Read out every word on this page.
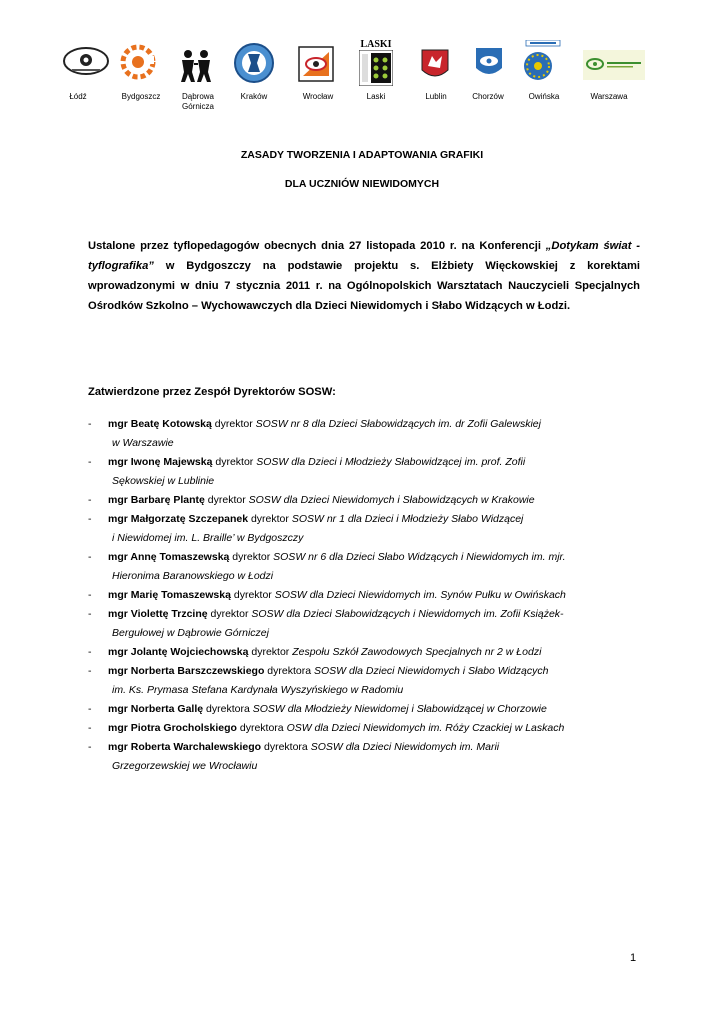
LASKI
Łódź	Bydgoszcz	Dąbrowa
Górnicza
Kraków	Wrocław	Laski	Lublin	Chorzów	Owińska	Warszawa
ZASADY TWORZENIA I ADAPTOWANIA GRAFIKI
DLA UCZNIÓW NIEWIDOMYCH
Ustalone przez tyflopedagogów obecnych dnia 27 listopada 2010 r. na Konferencji „Dotykam świat - tyflografika” w Bydgoszczy na podstawie projektu s. Elżbiety Więckowskiej z korektami wprowadzonymi w dniu 7 stycznia 2011 r. na Ogólnopolskich Warsztatach Nauczycieli Specjalnych Ośrodków Szkolno – Wychowawczych dla Dzieci Niewidomych i Słabo Widzących w Łodzi.
Zatwierdzone przez Zespół Dyrektorów SOSW:
- mgr Beatę Kotowską dyrektor SOSW nr 8 dla Dzieci Słabowidzących im. dr Zofii Galewskiej
w Warszawie
- mgr Iwonę Majewską dyrektor SOSW dla Dzieci i Młodzieży Słabowidzącej im. prof. Zofii
Sękowskiej w Lublinie
- mgr Barbarę Plantę dyrektor SOSW dla Dzieci Niewidomych i Słabowidzących w Krakowie
- mgr Małgorzatę Szczepanek dyrektor SOSW nr 1 dla Dzieci i Młodzieży Słabo Widzącej
i Niewidomej im. L. Braille’ w Bydgoszczy
- mgr Annę Tomaszewską dyrektor SOSW nr 6 dla Dzieci Słabo Widzących i Niewidomych im. mjr.
Hieronima Baranowskiego w Łodzi
- mgr Marię Tomaszewską dyrektor SOSW dla Dzieci Niewidomych im. Synów Pułku w Owińskach
- mgr Violettę Trzcinę dyrektor SOSW dla Dzieci Słabowidzących i Niewidomych im. Zofii Książek-
Bergułowej w Dąbrowie Górniczej
- mgr Jolantę Wojciechowską dyrektor Zespołu Szkół Zawodowych Specjalnych nr 2 w Łodzi
- mgr Norberta Barszczewskiego dyrektora SOSW dla Dzieci Niewidomych i Słabo Widzących
im. Ks. Prymasa Stefana Kardynała Wyszyńskiego w Radomiu
- mgr Norberta Gallę dyrektora SOSW dla Młodzieży Niewidomej i Słabowidzącej w Chorzowie
- mgr Piotra Grocholskiego dyrektora OSW dla Dzieci Niewidomych im. Róży Czackiej w Laskach
- mgr Roberta Warchalewskiego dyrektora SOSW dla Dzieci Niewidomych im. Marii
Grzegorzewskiej we Wrocławiu
1
